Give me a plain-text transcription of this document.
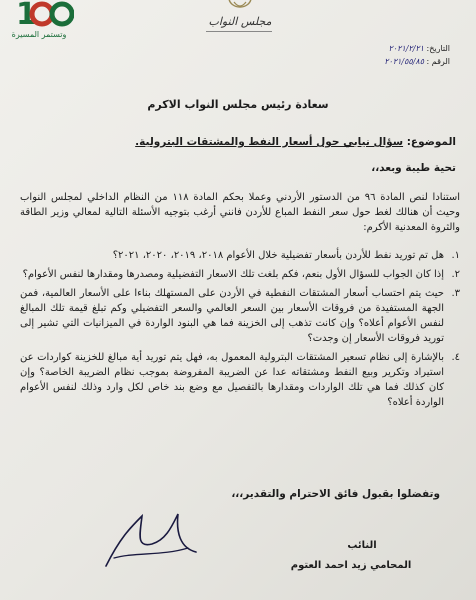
1
وتستمر المسيرة
مجلس النواب
التاريخ: ٢٠٢١/٢/٢١
الرقم : ٢٠٢١/٥٥/٨٥
سعادة رئيس مجلس النواب الاكرم
الموضوع: سؤال نيابي حول أسعار النفط والمشتقات البترولية.
تحية طيبة وبعد،،
استنادا لنص المادة ٩٦ من الدستور الأردني وعملا بحكم المادة ١١٨ من النظام الداخلي لمجلس النواب وحيث أن هنالك لغط حول سعر النفط المباع للأردن فانني أرغب بتوجيه الأسئلة التالية لمعالي وزير الطاقة والثروة المعدنية الأكرم:
١.
هل تم توريد نفط للأردن بأسعار تفضيلية خلال الأعوام ٢٠١٨، ٢٠١٩، ٢٠٢٠، ٢٠٢١؟
٢.
إذا كان الجواب للسؤال الأول بنعم، فكم بلغت تلك الاسعار التفضيلية ومصدرها ومقدارها لنفس الأعوام؟
٣.
حيث يتم احتساب أسعار المشتقات النفطية في الأردن على المستهلك بناءا على الأسعار العالمية، فمن الجهة المستفيدة من فروقات الأسعار بين السعر العالمي والسعر التفضيلي وكم تبلغ قيمة تلك المبالغ لنفس الأعوام أعلاه؟ وإن كانت تذهب إلى الخزينة فما هي البنود الواردة في الميزانيات التي تشير إلى توريد فروقات الأسعار إن وجدت؟
٤.
بالإشارة إلى نظام تسعير المشتقات البترولية المعمول به، فهل يتم توريد أية مبالغ للخزينة كواردات عن استيراد وتكرير وبيع النفط ومشتقاته عدا عن الضريبة المفروضة بموجب نظام الضريبة الخاصة؟ وإن كان كذلك فما هي تلك الواردات ومقدارها بالتفصيل مع وضع بند خاص لكل وارد وذلك لنفس الأعوام الواردة أعلاه؟
وتفضلوا بقبول فائق الاحترام والتقدير،،،
النائب
المحامي زيد احمد العتوم
